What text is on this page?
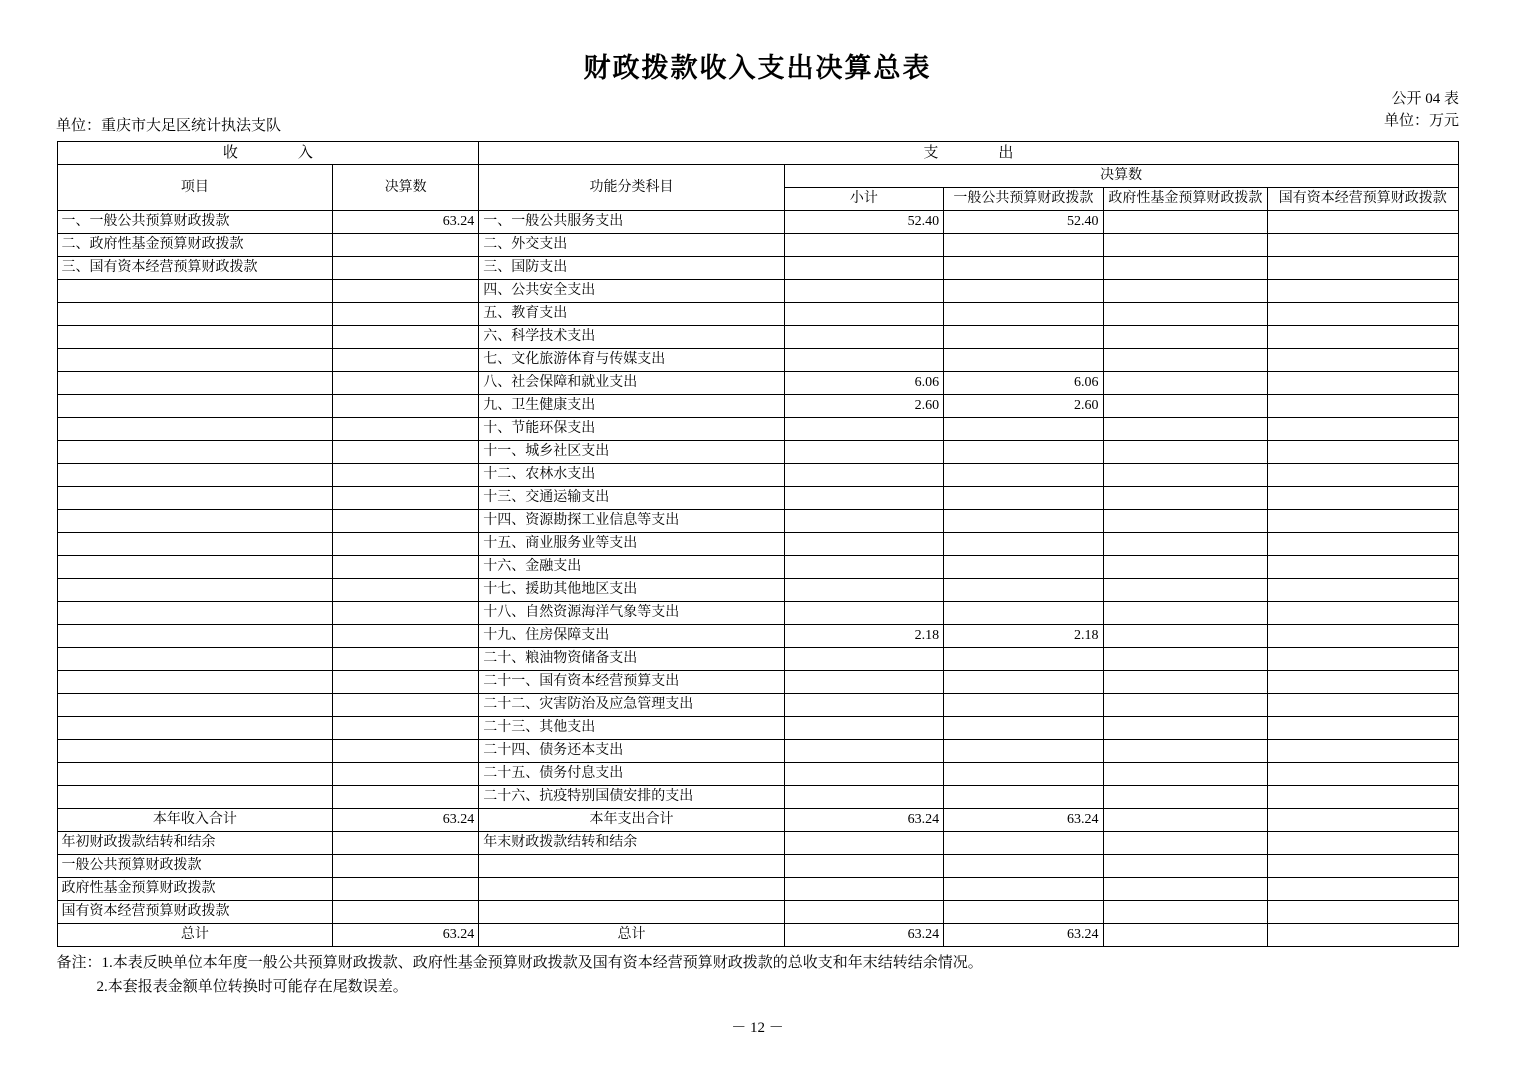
财政拨款收入支出决算总表
公开 04 表
单位：万元
单位：重庆市大足区统计执法支队
收　　入		支　　出				
项目	决算数	功能分类科目	决算数			
			小计	一般公共预算财政拨款	政府性基金预算财政拨款	国有资本经营预算财政拨款
一、一般公共预算财政拨款	63.24	一、一般公共服务支出	52.40	52.40		
二、政府性基金预算财政拨款		二、外交支出				
三、国有资本经营预算财政拨款		三、国防支出				
		四、公共安全支出				
		五、教育支出				
		六、科学技术支出				
		七、文化旅游体育与传媒支出				
		八、社会保障和就业支出	6.06	6.06		
		九、卫生健康支出	2.60	2.60		
		十、节能环保支出				
		十一、城乡社区支出				
		十二、农林水支出				
		十三、交通运输支出				
		十四、资源勘探工业信息等支出				
		十五、商业服务业等支出				
		十六、金融支出				
		十七、援助其他地区支出				
		十八、自然资源海洋气象等支出				
		十九、住房保障支出	2.18	2.18		
		二十、粮油物资储备支出				
		二十一、国有资本经营预算支出				
		二十二、灾害防治及应急管理支出				
		二十三、其他支出				
		二十四、债务还本支出				
		二十五、债务付息支出				
		二十六、抗疫特别国债安排的支出				
本年收入合计	63.24	本年支出合计	63.24	63.24		
年初财政拨款结转和结余		年末财政拨款结转和结余				
一般公共预算财政拨款						
政府性基金预算财政拨款						
国有资本经营预算财政拨款						
总计	63.24	总计	63.24	63.24		
备注：1.本表反映单位本年度一般公共预算财政拨款、政府性基金预算财政拨款及国有资本经营预算财政拨款的总收支和年末结转结余情况。
2.本套报表金额单位转换时可能存在尾数误差。
－ 12 －
